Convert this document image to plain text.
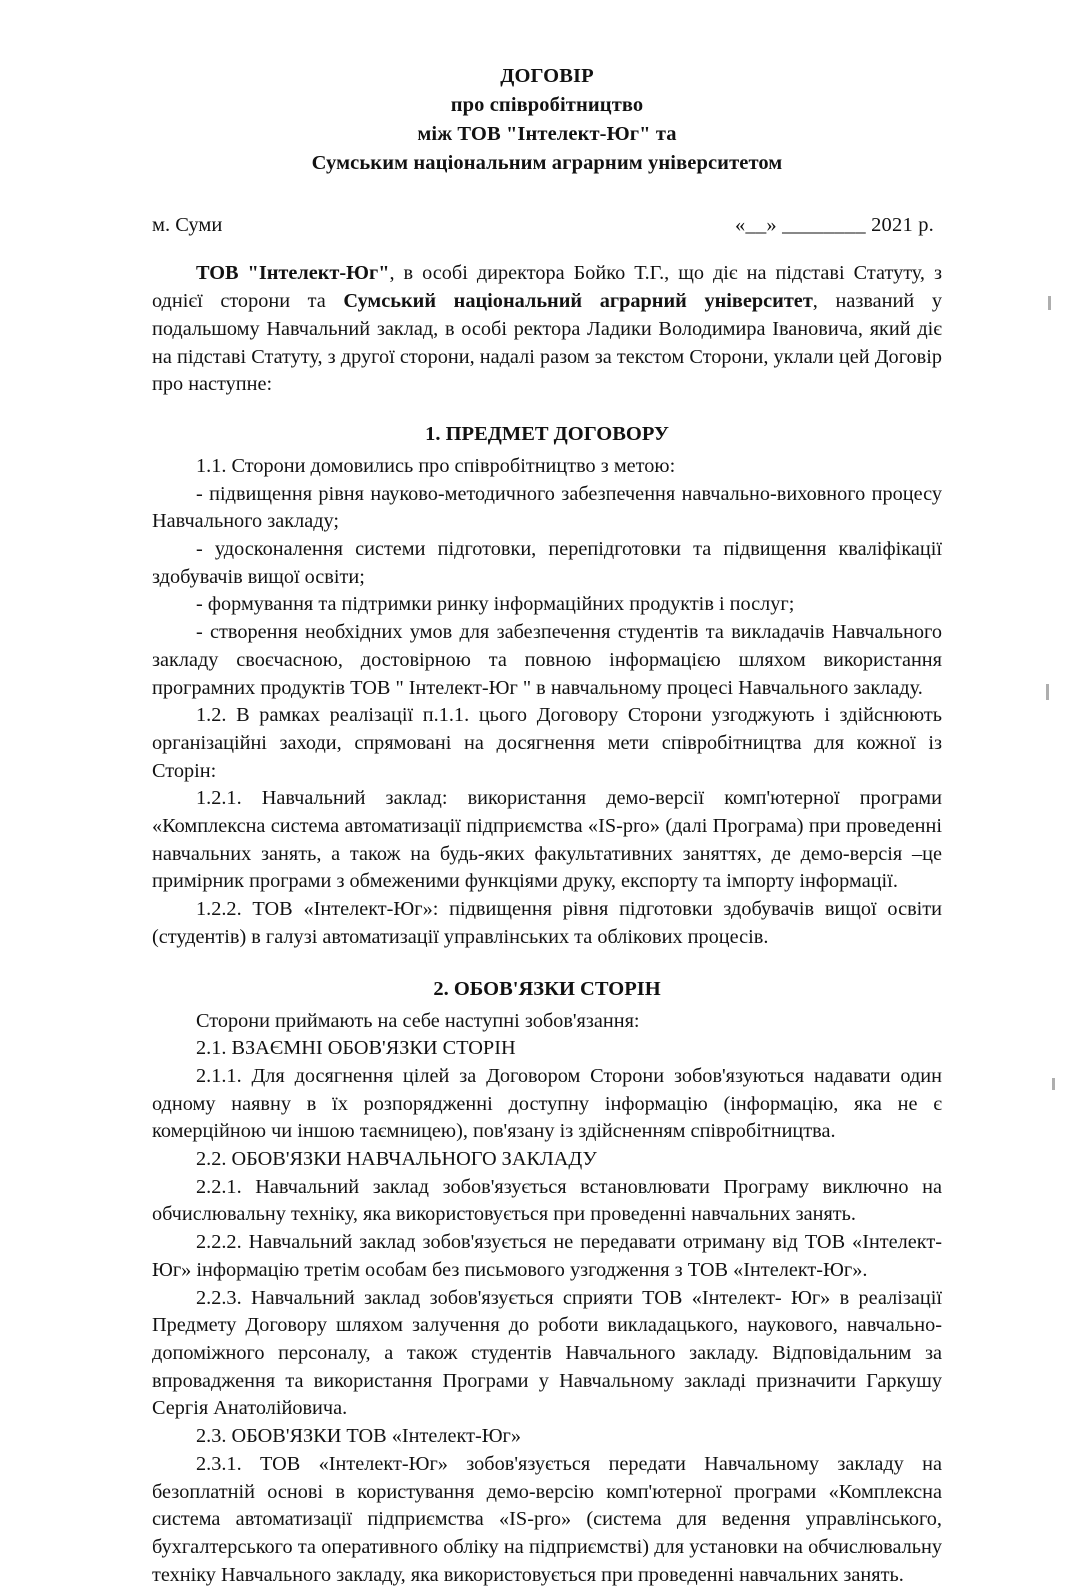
ДОГОВІР
про співробітництво
між ТОВ "Інтелект-Юг" та
Сумським національним аграрним університетом
м. Суми	«__» ________ 2021 р.

ТОВ "Інтелект-Юг", в особі директора Бойко Т.Г., що діє на підставі Статуту, з однієї сторони та Сумський національний аграрний університет, названий у подальшому Навчальний заклад, в особі ректора Ладики Володимира Івановича, який діє на підставі Статуту, з другої сторони, надалі разом за текстом Сторони, уклали цей Договір про наступне:

1. ПРЕДМЕТ ДОГОВОРУ

1.1. Сторони домовились про співробітництво з метою:

- підвищення рівня науково-методичного забезпечення навчально-виховного процесу Навчального закладу;

- удосконалення системи підготовки, перепідготовки та підвищення кваліфікації здобувачів вищої освіти;

- формування та підтримки ринку інформаційних продуктів і послуг;

- створення необхідних умов для забезпечення студентів та викладачів Навчального закладу своєчасною, достовірною та повною інформацією шляхом використання програмних продуктів ТОВ " Інтелект-Юг " в навчальному процесі Навчального закладу.

1.2. В рамках реалізації п.1.1. цього Договору Сторони узгоджують і здійснюють організаційні заходи, спрямовані на досягнення мети співробітництва для кожної із Сторін:

1.2.1. Навчальний заклад: використання демо-версії комп'ютерної програми «Комплексна система автоматизації підприємства «IS-pro» (далі Програма) при проведенні навчальних занять, а також на будь-яких факультативних заняттях, де демо-версія –це примірник програми з обмеженими функціями друку, експорту та імпорту інформації.

1.2.2. ТОВ «Інтелект-Юг»: підвищення рівня підготовки здобувачів вищої освіти (студентів) в галузі автоматизації управлінських та облікових процесів.

2. ОБОВ'ЯЗКИ СТОРІН

Сторони приймають на себе наступні зобов'язання:

2.1. ВЗАЄМНІ ОБОВ'ЯЗКИ СТОРІН

2.1.1. Для досягнення цілей за Договором Сторони зобов'язуються надавати один одному наявну в їх розпорядженні доступну інформацію (інформацію, яка не є комерційною чи іншою таємницею), пов'язану із здійсненням співробітництва.

2.2. ОБОВ'ЯЗКИ НАВЧАЛЬНОГО ЗАКЛАДУ

2.2.1. Навчальний заклад зобов'язується встановлювати Програму виключно на обчислювальну техніку, яка використовується при проведенні навчальних занять.

2.2.2. Навчальний заклад зобов'язується не передавати отриману від ТОВ «Інтелект-Юг» інформацію третім особам без письмового узгодження з ТОВ «Інтелект-Юг».

2.2.3. Навчальний заклад зобов'язується сприяти ТОВ «Інтелект- Юг» в реалізації Предмету Договору шляхом залучення до роботи викладацького, наукового, навчально-допоміжного персоналу, а також студентів Навчального закладу. Відповідальним за впровадження та використання Програми у Навчальному закладі призначити Гаркушу Сергія Анатолійовича.

2.3. ОБОВ'ЯЗКИ ТОВ «Інтелект-Юг»

2.3.1. ТОВ «Інтелект-Юг» зобов'язується передати Навчальному закладу на безоплатній основі в користування демо-версію комп'ютерної програми «Комплексна система автоматизації підприємства «IS-pro» (система для ведення управлінського, бухгалтерського та оперативного обліку на підприємстві) для установки на обчислювальну техніку Навчального закладу, яка використовується при проведенні навчальних занять.
